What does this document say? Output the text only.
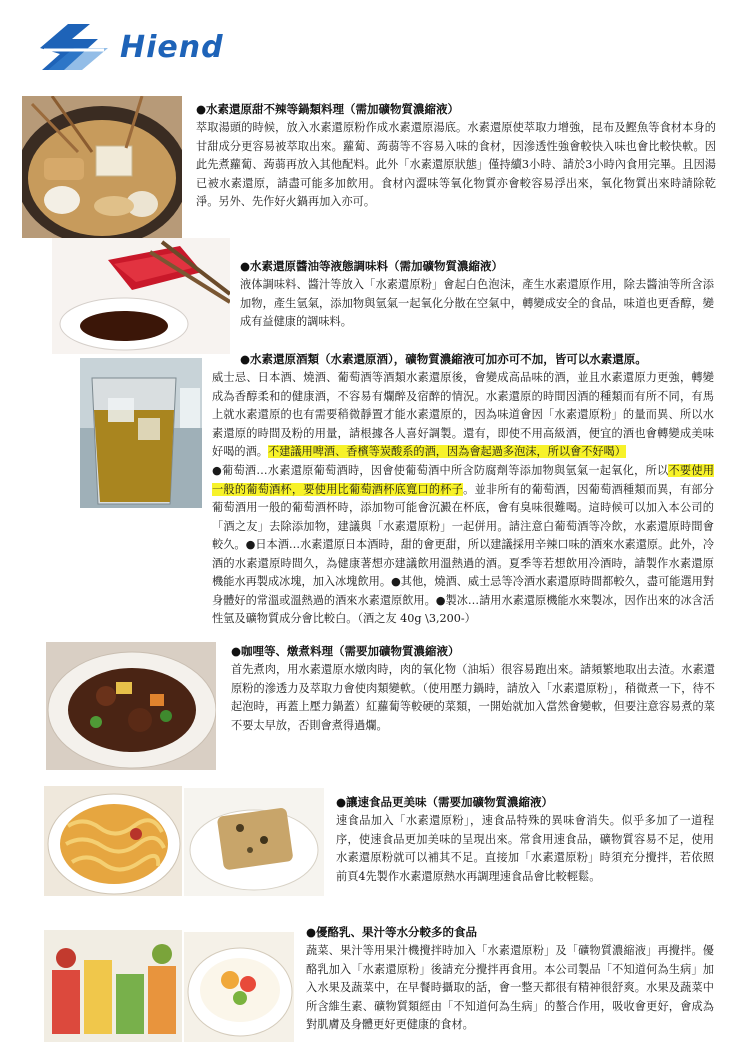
Hiend
●水素還原甜不辣等鍋類料理（需加礦物質濃縮液）
萃取湯頭的時候，放入水素還原粉作成水素還原湯底。水素還原使萃取力增強，昆布及鰹魚等食材本身的甘甜成分更容易被萃取出來。蘿蔔、蒟蒻等不容易入味的食材，因滲透性強會較快入味也會比較快軟。因此先煮蘿蔔、蒟蒻再放入其他配料。此外「水素還原狀態」僅持續3小時、請於3小時內食用完畢。且因湯已被水素還原，請盡可能多加飲用。食材內澀味等氧化物質亦會較容易浮出來，氧化物質出來時請除乾淨。另外、先作好火鍋再加入亦可。
●水素還原醬油等液態調味料（需加礦物質濃縮液）
液体調味料、醬汁等放入「水素還原粉」會起白色泡沫，產生水素還原作用，除去醬油等所含添加物，產生氫氣，添加物與氫氣一起氧化分散在空氣中，轉變成安全的食品，味道也更香醇，變成有益健康的調味料。
●水素還原酒類（水素還原酒），礦物質濃縮液可加亦可不加，皆可以水素還原。
威士忌、日本酒、燒酒、葡萄酒等酒類水素還原後，會變成高品味的酒，並且水素還原力更強，轉變成為香醇柔和的健康酒，不容易有爛醉及宿醉的情況。水素還原的時間因酒的種類而有所不同，有馬上就水素還原的也有需要稍微靜置才能水素還原的，因為味道會因「水素還原粉」的量而異、所以水素還原的時間及粉的用量，請根據各人喜好調製。還有，即使不用高級酒，便宜的酒也會轉變成美味好喝的酒。不建議用啤酒、香檳等炭酸系的酒，因為會起過多泡沫，所以會不好喝）
●葡萄酒…水素還原葡萄酒時，因會使葡萄酒中所含防腐劑等添加物與氫氣一起氧化，所以不要使用一般的葡萄酒杯，要使用比葡萄酒杯底寬口的杯子。並非所有的葡萄酒，因葡萄酒種類而異，有部分葡萄酒用一般的葡萄酒杯時，添加物可能會沉澱在杯底，會有臭味很難喝。這時候可以加入本公司的「酒之友」去除添加物，建議與「水素還原粉」一起併用。請注意白葡萄酒等冷飲，水素還原時間會較久。●日本酒…水素還原日本酒時，甜的會更甜，所以建議採用辛辣口味的酒來水素還原。此外，冷酒的水素還原時間久，為健康著想亦建議飲用溫熱過的酒。夏季等若想飲用冷酒時，請製作水素還原機能水再製成冰塊，加入冰塊飲用。●其他，燒酒、威士忌等冷酒水素還原時間都較久，盡可能選用對身體好的常溫或溫熱過的酒來水素還原飲用。●製冰…請用水素還原機能水來製冰，因作出來的冰含活性氫及礦物質成分會比較白。（酒之友 40g \3,200-）
●咖哩等、燉煮料理（需要加礦物質濃縮液）
首先煮肉，用水素還原水燉肉時，肉的氧化物（油垢）很容易跑出來。請頻繁地取出去渣。水素還原粉的滲透力及萃取力會使肉類變軟。（使用壓力鍋時，請放入「水素還原粉」，稍微煮一下，待不起泡時，再蓋上壓力鍋蓋）紅蘿蔔等較硬的菜類，一開始就加入當然會變軟，但要注意容易煮的菜不要太早放，否則會煮得過爛。
●讓速食品更美味（需要加礦物質濃縮液）
速食品加入「水素還原粉」，速食品特殊的異味會消失。似乎多加了一道程序，使速食品更加美味的呈現出來。常食用速食品，礦物質容易不足，使用水素還原粉就可以補其不足。直接加「水素還原粉」時須充分攪拌，若依照前頁4先製作水素還原熱水再調理速食品會比較輕鬆。
●優酪乳、果汁等水分較多的食品
蔬菜、果汁等用果汁機攪拌時加入「水素還原粉」及「礦物質濃縮液」再攪拌。優酪乳加入「水素還原粉」後請充分攪拌再食用。本公司製品「不知道何為生病」加入水果及蔬菜中，在早餐時攝取的話，會一整天都很有精神很舒爽。水果及蔬菜中所含維生素、礦物質類經由「不知道何為生病」的螯合作用，吸收會更好，會成為對肌膚及身體更好更健康的食材。
